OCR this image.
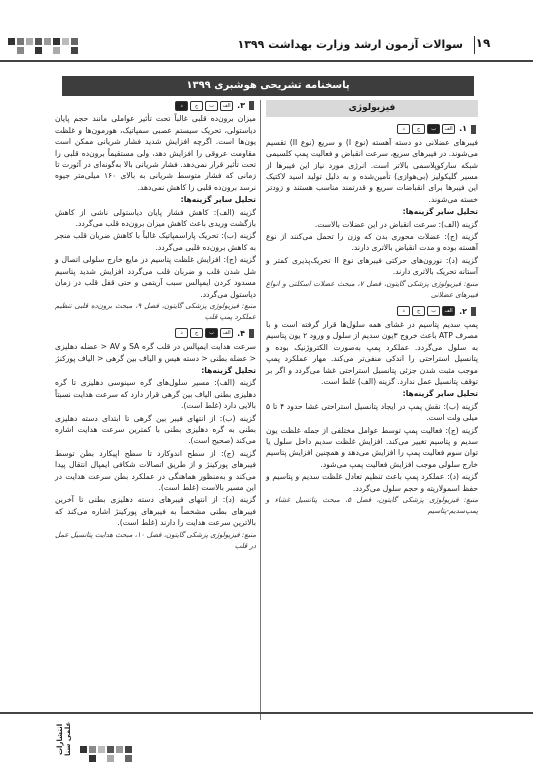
سوالات آزمون ارشد وزارت بهداشت ۱۳۹۹ ۱۹
پاسخنامه تشریحی هوشبری ۱۳۹۹
فیزیولوژی
۱.
الف
ب
ج
د

فیبرهای عضلانی دو دسته آهسته (نوع I) و سریع (نوع II) تقسیم می‌شوند. در فیبرهای سریع، سرعت انقباض و فعالیت پمپ کلسیمی شبکه سارکوپلاسمی بالاتر است. انرژی مورد نیاز این فیبرها از مسیر گلیکولیز (بی‌هوازی) تأمین‌شده و به دلیل تولید اسید لاکتیک این فیبرها برای انقباضات سریع و قدرتمند مناسب هستند و زودتر خسته می‌شوند.

تحلیل سایر گزینه‌ها:

گزینه (الف): سرعت انقباض در این عضلات بالاست.

گزینه (ج): عضلات محوری بدن که وزن را تحمل می‌کنند از نوع آهسته بوده و مدت انقباض بالاتری دارند.

گزینه (د): نورون‌های حرکتی فیبرهای نوع II تحریک‌پذیری کمتر و آستانه تحریک بالاتری دارند.

منبع: فیزیولوژی پزشکی گایتون، فصل ۷، مبحث عضلات اسکلتی و انواع فیبرهای عضلانی

۲.
الف
ب
ج
د

پمپ سدیم پتاسیم در غشای همه سلول‌ها قرار گرفته است و با مصرف ATP باعث خروج ۳یون سدیم از سلول و ورود ۲ یون پتاسیم به سلول می‌گردد. عملکرد پمپ به‌صورت الکتروژنیک بوده و پتانسیل استراحتی را اندکی منفی‌تر می‌کند. مهار عملکرد پمپ موجب مثبت شدن جزئی پتانسیل استراحتی غشا می‌گردد و اگر بر توقف پتانسیل عمل ندارد. گزینه (الف) غلط است.

تحلیل سایر گزینه‌ها:

گزینه (ب): نقش پمپ در ایجاد پتانسیل استراحتی غشا حدود ۴ تا ۵ میلی ولت است.

گزینه (ج): فعالیت پمپ توسط عوامل مختلفی از جمله غلظت یون سدیم و پتاسیم تغییر می‌کند. افزایش غلظت سدیم داخل سلول یا توان سوم فعالیت پمپ را افزایش می‌دهد و همچنین افزایش پتاسیم خارج سلولی موجب افزایش فعالیت پمپ می‌شود.

گزینه (د): عملکرد پمپ باعث تنظیم تعادل غلظت سدیم و پتاسیم و حفظ اسمولاریته و حجم سلول می‌گردد.

منبع: فیزیولوژی پزشکی گایتون، فصل ۵، مبحث پتانسیل غشاء و پمپ‌سدیم-پتاسیم

۳.
الف
ب
ج
د

میزان برون‌ده قلبی غالباً تحت تأثیر عواملی مانند حجم پایان دیاستولی، تحریک سیستم عصبی سمپاتیک، هورمون‌ها و غلظت یون‌ها است. اگرچه افزایش شدید فشار شریانی ممکن است مقاومت عروقی را افزایش دهد، ولی مستقیماً برون‌ده قلبی را تحت تأثیر قرار نمی‌دهد. فشار شریانی بالا به‌گونه‌ای در آئورت تا زمانی که فشار متوسط شریانی به بالای ۱۶۰ میلی‌متر جیوه نرسد برون‌ده قلبی را کاهش نمی‌دهد.

تحلیل سایر گزینه‌ها:

گزینه (الف): کاهش فشار پایان دیاستولی ناشی از کاهش بازگشت وریدی باعث کاهش میزان برون‌ده قلب می‌گردد.

گزینه (ب): تحریک پاراسمپاتیک غالباً با کاهش ضربان قلب منجر به کاهش برون‌ده قلبی می‌گردد.

گزینه (ج): افزایش غلظت پتاسیم در مایع خارج سلولی اتصال و شل شدن قلب و ضربان قلب می‌گردد افزایش شدید پتاسیم مسدود کردن ایمپالس سبب آریتمی و حتی قفل قلب در زمان دیاستول می‌گردد.

منبع: فیزیولوژی پزشکی گایتون، فصل ۹، مبحث برون‌ده قلبی تنظیم عملکرد پمپ قلب

۴.
الف
ب
ج
د

سرعت هدایت ایمپالس در قلب گره SA و AV < عضله دهلیزی < عضله بطنی < دسته هیس و الیاف بین گرهی < الیاف پورکنژ

تحلیل گزینه‌ها:

گزینه (الف): مسیر سلول‌های گره سینوسی دهلیزی تا گره دهلیزی بطنی الیاف بین گرهی قرار دارد که سرعت هدایت نسبتاً بالایی دارد (غلط است).

گزینه (ب): از انتهای فیبر بین گرهی تا ابتدای دسته دهلیزی بطنی به گره دهلیزی بطنی با کمترین سرعت هدایت اشاره می‌کند (صحیح است).

گزینه (ج): از سطح اندوکارد تا سطح اپیکارد بطن توسط فیبرهای پورکینژ و از طریق اتصالات شکافی ایمپال انتقال پیدا می‌کند و به‌منظور هماهنگی در عملکرد بطن سرعت هدایت در این مسیر بالاست (غلط است).

گزینه (د): از انتهای فیبرهای دسته دهلیزی بطنی تا آخرین فیبرهای بطنی مشخصاً به فیبرهای پورکینژ اشاره می‌کند که بالاترین سرعت هدایت را دارند (غلط است).

منبع: فیزیولوژی پزشکی گایتون، فصل ۱۰، مبحث هدایت پتانسیل عمل در قلب

انتشارات علمی سنا
